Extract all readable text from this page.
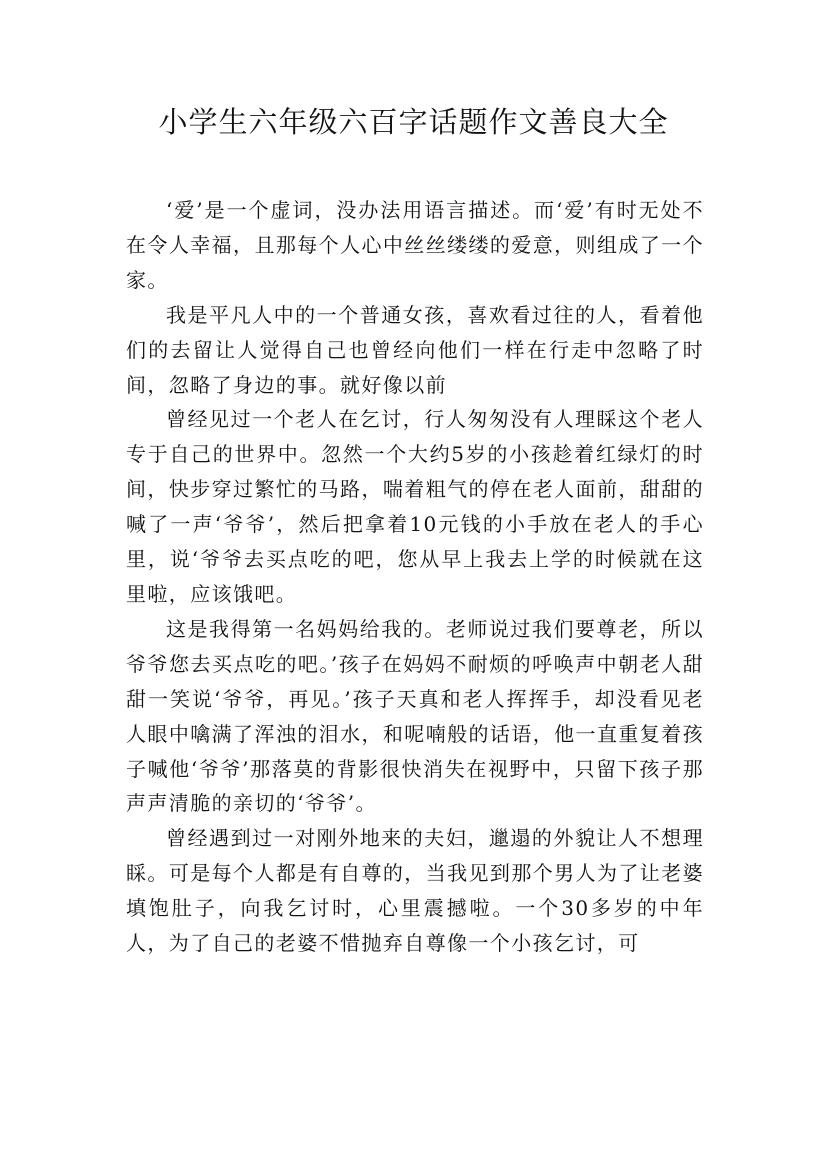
小学生六年级六百字话题作文善良大全

‘爱’是一个虚词，没办法用语言描述。而‘爱’有时无处不在令人幸福，且那每个人心中丝丝缕缕的爱意，则组成了一个家。

我是平凡人中的一个普通女孩，喜欢看过往的人，看着他们的去留让人觉得自己也曾经向他们一样在行走中忽略了时间，忽略了身边的事。就好像以前

曾经见过一个老人在乞讨，行人匆匆没有人理睬这个老人专于自己的世界中。忽然一个大约5岁的小孩趁着红绿灯的时间，快步穿过繁忙的马路，喘着粗气的停在老人面前，甜甜的喊了一声‘爷爷’，然后把拿着10元钱的小手放在老人的手心里，说‘爷爷去买点吃的吧，您从早上我去上学的时候就在这里啦，应该饿吧。

这是我得第一名妈妈给我的。老师说过我们要尊老，所以爷爷您去买点吃的吧。’孩子在妈妈不耐烦的呼唤声中朝老人甜甜一笑说‘爷爷，再见。’孩子天真和老人挥挥手，却没看见老人眼中噙满了浑浊的泪水，和呢喃般的话语，他一直重复着孩子喊他‘爷爷’那落莫的背影很快消失在视野中，只留下孩子那声声清脆的亲切的‘爷爷’。

曾经遇到过一对刚外地来的夫妇，邋遢的外貌让人不想理睬。可是每个人都是有自尊的，当我见到那个男人为了让老婆填饱肚子，向我乞讨时，心里震撼啦。一个30多岁的中年人，为了自己的老婆不惜抛弃自尊像一个小孩乞讨，可
